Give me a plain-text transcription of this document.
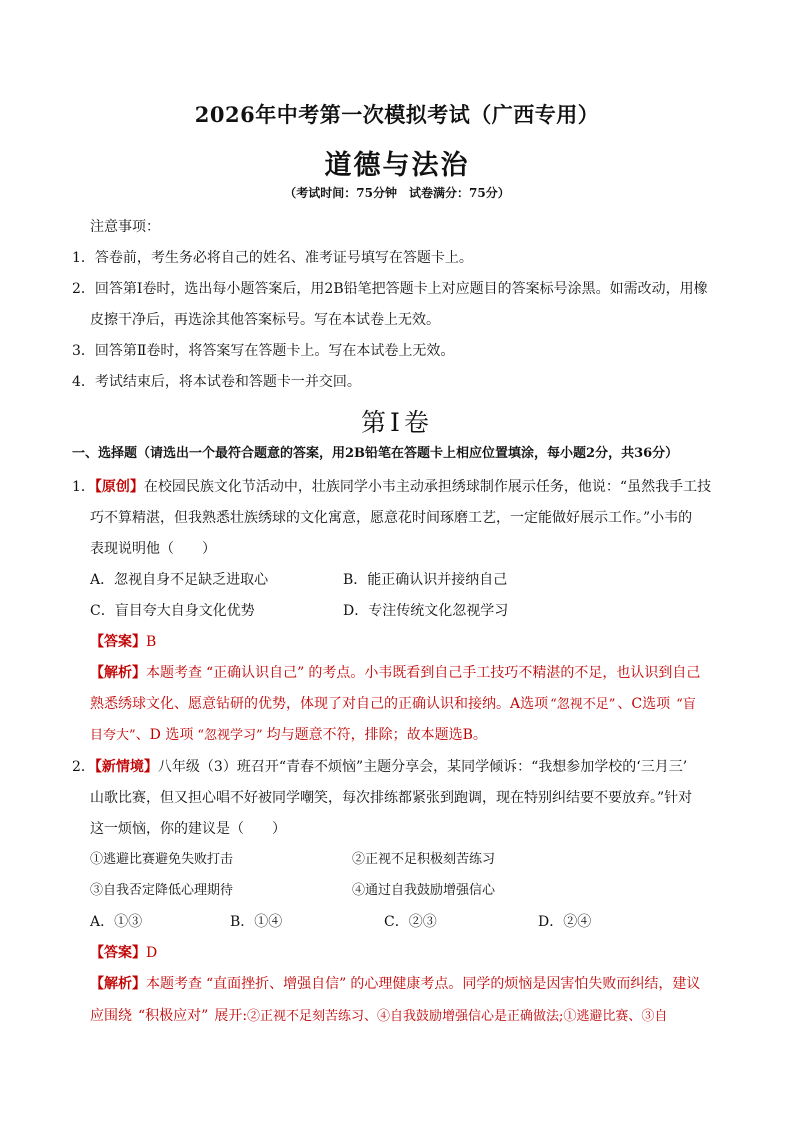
2026年中考第一次模拟考试（广西专用）
道德与法治
（考试时间：75分钟　试卷满分：75分）
注意事项：
1．答卷前，考生务必将自己的姓名、准考证号填写在答题卡上。
2．回答第Ⅰ卷时，选出每小题答案后，用2B铅笔把答题卡上对应题目的答案标号涂黑。如需改动，用橡
皮擦干净后，再选涂其他答案标号。写在本试卷上无效。
3．回答第Ⅱ卷时，将答案写在答题卡上。写在本试卷上无效。
4．考试结束后，将本试卷和答题卡一并交回。
第Ⅰ卷
一、选择题（请选出一个最符合题意的答案，用2B铅笔在答题卡上相应位置填涂，每小题2分，共36分）
1．【原创】在校园民族文化节活动中，壮族同学小韦主动承担绣球制作展示任务，他说：“虽然我手工技
巧不算精湛，但我熟悉壮族绣球的文化寓意，愿意花时间琢磨工艺，一定能做好展示工作。”小韦的
表现说明他（　　）
A．忽视自身不足缺乏进取心	B．能正确认识并接纳自己
C．盲目夸大自身文化优势	D．专注传统文化忽视学习
【答案】B
【解析】本题考查 “正确认识自己” 的考点。小韦既看到自己手工技巧不精湛的不足，也认识到自己
熟悉绣球文化、愿意钻研的优势，体现了对自己的正确认识和接纳。A选项 “忽视不足” 、C选项 “盲
目夸大”、D 选项 “忽视学习” 均与题意不符，排除；故本题选B。
2．【新情境】八年级（3）班召开“青春不烦恼”主题分享会，某同学倾诉：“我想参加学校的‘三月三’
山歌比赛，但又担心唱不好被同学嘲笑，每次排练都紧张到跑调，现在特别纠结要不要放弃。”针对
这一烦恼，你的建议是（　　）
①逃避比赛避免失败打击	②正视不足积极刻苦练习
③自我否定降低心理期待	④通过自我鼓励增强信心
A．①③	B．①④	C．②③	D．②④
【答案】D
【解析】本题考查 “直面挫折、增强自信” 的心理健康考点。同学的烦恼是因害怕失败而纠结，建议
应围绕 “积极应对” 展开:②正视不足刻苦练习、④自我鼓励增强信心是正确做法;①逃避比赛、③自
